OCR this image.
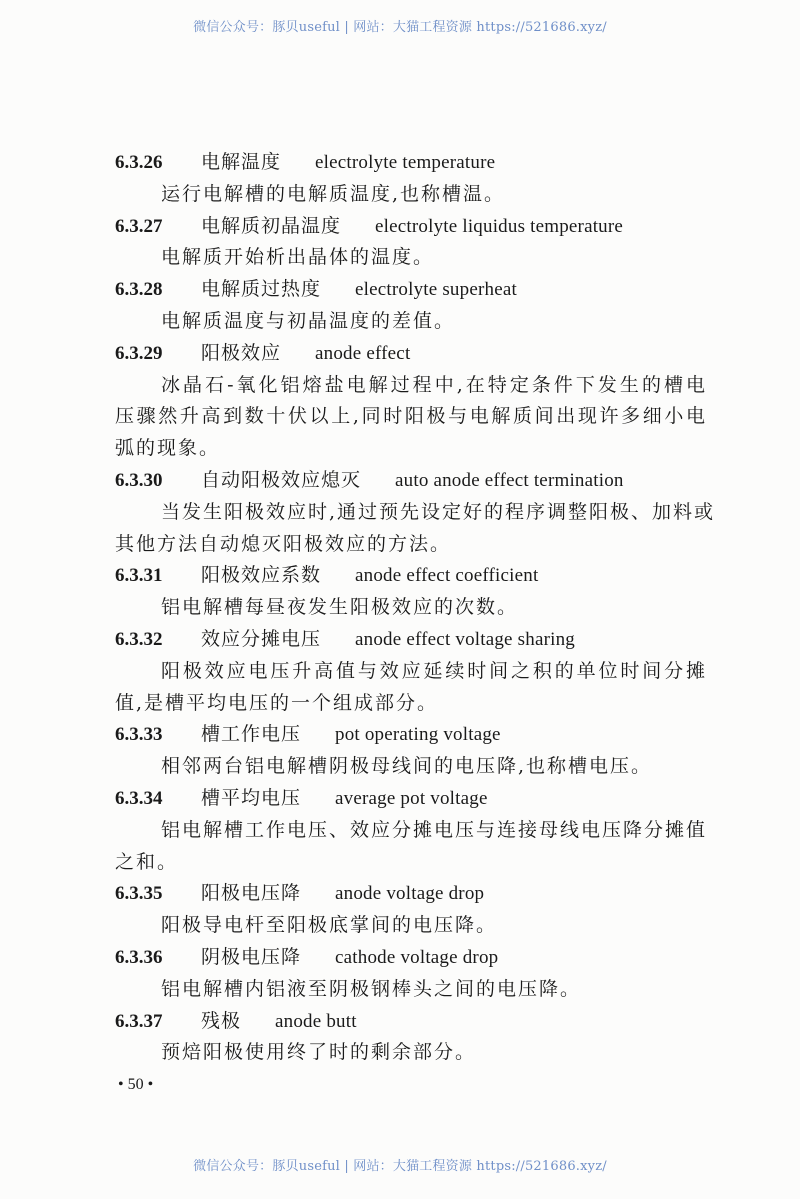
微信公众号：豚贝useful | 网站：大猫工程资源 https://521686.xyz/
6.3.26 电解温度 electrolyte temperature
运行电解槽的电解质温度,也称槽温。
6.3.27 电解质初晶温度 electrolyte liquidus temperature
电解质开始析出晶体的温度。
6.3.28 电解质过热度 electrolyte superheat
电解质温度与初晶温度的差值。
6.3.29 阳极效应 anode effect
冰晶石-氧化铝熔盐电解过程中,在特定条件下发生的槽电
压骤然升高到数十伏以上,同时阳极与电解质间出现许多细小电
弧的现象。
6.3.30 自动阳极效应熄灭 auto anode effect termination
当发生阳极效应时,通过预先设定好的程序调整阳极、加料或
其他方法自动熄灭阳极效应的方法。
6.3.31 阳极效应系数 anode effect coefficient
铝电解槽每昼夜发生阳极效应的次数。
6.3.32 效应分摊电压 anode effect voltage sharing
阳极效应电压升高值与效应延续时间之积的单位时间分摊
值,是槽平均电压的一个组成部分。
6.3.33 槽工作电压 pot operating voltage
相邻两台铝电解槽阴极母线间的电压降,也称槽电压。
6.3.34 槽平均电压 average pot voltage
铝电解槽工作电压、效应分摊电压与连接母线电压降分摊值
之和。
6.3.35 阳极电压降 anode voltage drop
阳极导电杆至阳极底掌间的电压降。
6.3.36 阴极电压降 cathode voltage drop
铝电解槽内铝液至阴极钢棒头之间的电压降。
6.3.37 残极 anode butt
预焙阳极使用终了时的剩余部分。
• 50 •
微信公众号：豚贝useful | 网站：大猫工程资源 https://521686.xyz/
